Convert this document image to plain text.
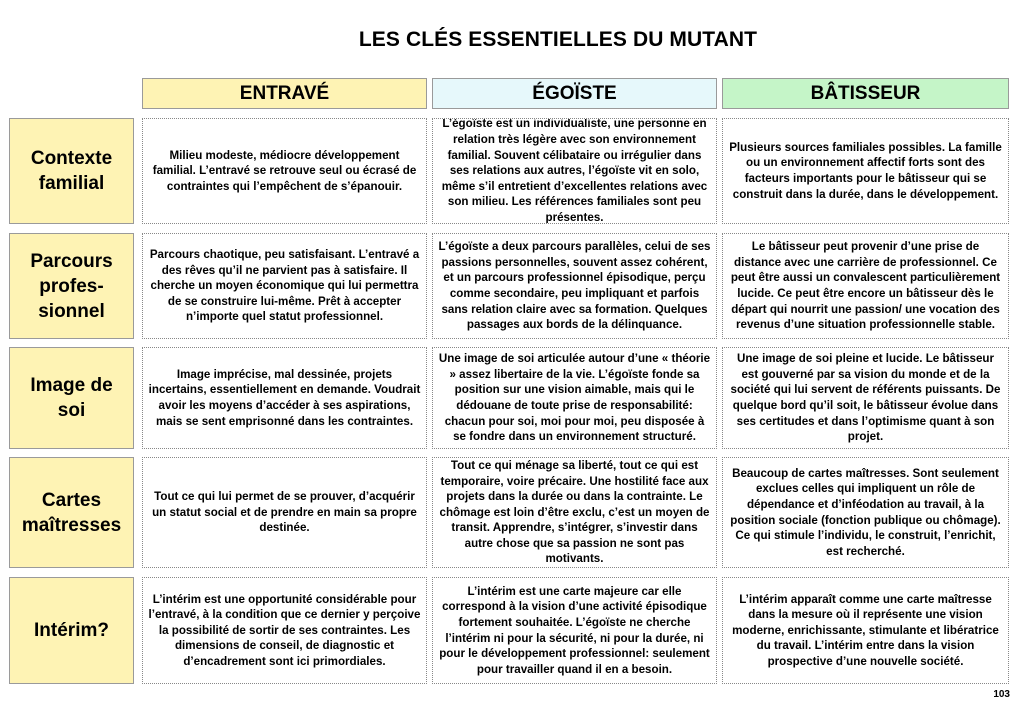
LES CLÉS ESSENTIELLES DU MUTANT
ENTRAVÉ	ÉGOÏSTE	BÂTISSEUR
Contexte familial
Milieu modeste, médiocre développement familial. L’entravé se retrouve seul ou écrasé de contraintes qui l’empêchent de s’épanouir.
L’égoïste est un individualiste, une personne en relation très légère avec son environnement familial. Souvent célibataire ou irrégulier dans ses relations aux autres, l’égoïste vit en solo, même s’il entretient d’excellentes relations avec son milieu. Les références familiales sont peu présentes.
Plusieurs sources familiales possibles. La famille ou un environnement affectif forts sont des facteurs importants pour le bâtisseur qui se construit dans la durée, dans le développement.
Parcours profes-sionnel
Parcours chaotique, peu satisfaisant. L’entravé a des rêves qu’il ne parvient pas à satisfaire. Il cherche un moyen économique qui lui permettra de se construire lui-même. Prêt à accepter n’importe quel statut professionnel.
L’égoïste a deux parcours parallèles, celui de ses passions personnelles, souvent assez cohérent, et un parcours professionnel épisodique, perçu comme secondaire, peu impliquant et parfois sans relation claire avec sa formation. Quelques passages aux bords de la délinquance.
Le bâtisseur peut provenir d’une prise de distance avec une carrière de professionnel. Ce peut être aussi un convalescent particulièrement lucide. Ce peut être encore un bâtisseur dès le départ qui nourrit une passion/ une vocation des revenus d’une situation professionnelle stable.
Image de soi
Image imprécise, mal dessinée, projets incertains, essentiellement en demande. Voudrait avoir les moyens d’accéder à ses aspirations, mais se sent emprisonné dans les contraintes.
Une image de soi articulée autour d’une « théorie » assez libertaire de la vie. L’égoïste fonde sa position sur une vision aimable, mais qui le dédouane de toute prise de responsabilité: chacun pour soi, moi pour moi, peu disposée à se fondre dans un environnement structuré.
Une image de soi pleine et lucide. Le bâtisseur est gouverné par sa vision du monde et de la société qui lui servent de référents puissants. De quelque bord qu’il soit, le bâtisseur évolue dans ses certitudes et dans l’optimisme quant à son projet.
Cartes maîtresses
Tout ce qui lui permet de se prouver, d’acquérir un statut social et de prendre en main sa propre destinée.
Tout ce qui ménage sa liberté, tout ce qui est temporaire, voire précaire. Une hostilité face aux projets dans la durée ou dans la contrainte. Le chômage est loin d’être exclu, c’est un moyen de transit. Apprendre, s’intégrer, s’investir dans autre chose que sa passion ne sont pas motivants.
Beaucoup de cartes maîtresses. Sont seulement exclues celles qui impliquent un rôle de dépendance et d’inféodation au travail, à la position sociale (fonction publique ou chômage). Ce qui stimule l’individu, le construit, l’enrichit, est recherché.
Intérim?
L’intérim est une opportunité considérable pour l’entravé, à la condition que ce dernier y perçoive la possibilité de sortir de ses contraintes. Les dimensions de conseil, de diagnostic et d’encadrement sont ici primordiales.
L’intérim est une carte majeure car elle correspond à la vision d’une activité épisodique fortement souhaitée. L’égoïste ne cherche l’intérim ni pour la sécurité, ni pour la durée, ni pour le développement professionnel: seulement pour travailler quand il en a besoin.
L’intérim apparaît comme une carte maîtresse dans la mesure où il représente une vision moderne, enrichissante, stimulante et libératrice du travail. L’intérim entre dans la vision prospective d’une nouvelle société.
103
